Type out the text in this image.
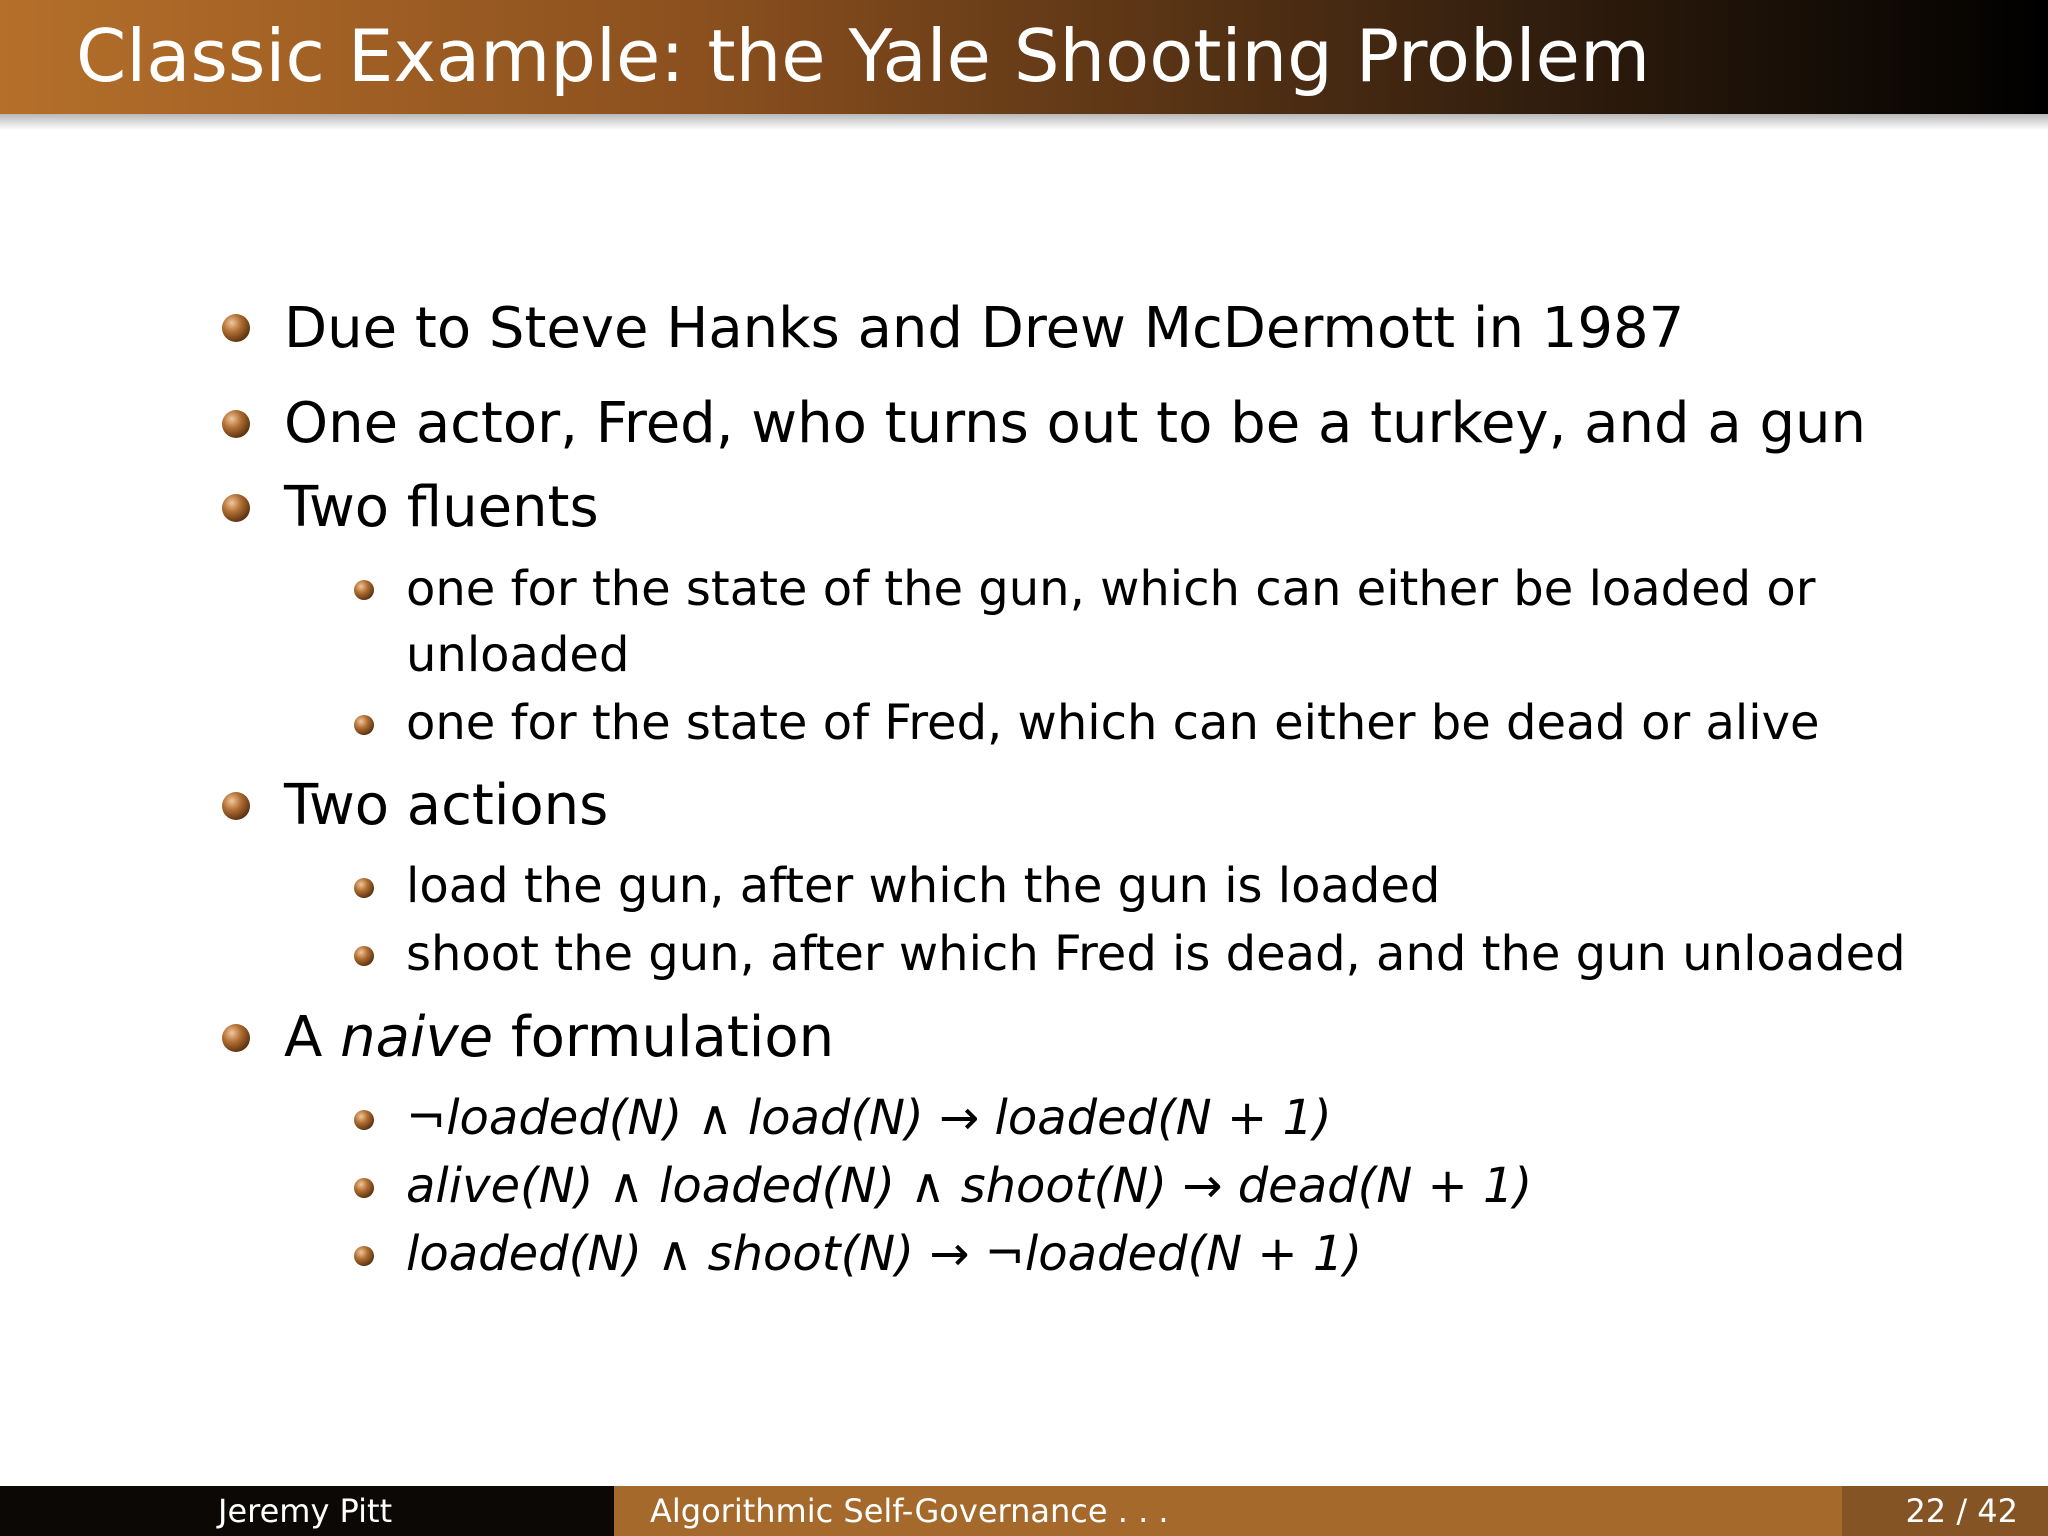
Classic Example: the Yale Shooting Problem
Due to Steve Hanks and Drew McDermott in 1987
One actor, Fred, who turns out to be a turkey, and a gun
Two fluents
one for the state of the gun, which can either be loaded or
unloaded
one for the state of Fred, which can either be dead or alive
Two actions
load the gun, after which the gun is loaded
shoot the gun, after which Fred is dead, and the gun unloaded
A naive formulation
¬loaded(N) ∧ load(N) → loaded(N + 1)
alive(N) ∧ loaded(N) ∧ shoot(N) → dead(N + 1)
loaded(N) ∧ shoot(N) → ¬loaded(N + 1)
Jeremy Pitt	Algorithmic Self-Governance . . .	22 / 42
